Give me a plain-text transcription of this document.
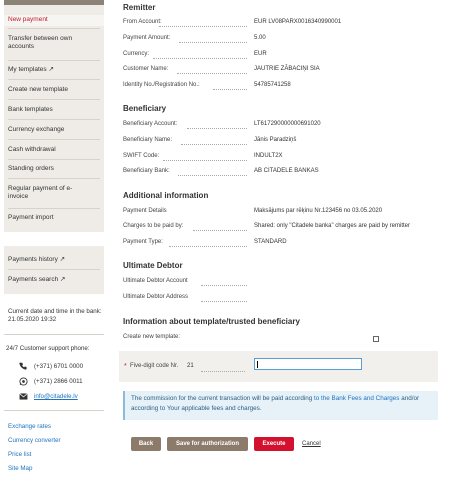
New payment
Transfer between own accounts
My templates ↗
Create new template
Bank templates
Currency exchange
Cash withdrawal
Standing orders
Regular payment of e-invoice
Payment import
Payments history ↗
Payments search ↗
Current date and time in the bank: 21.05.2020 19:32
24/7 Customer support phone:
(+371) 6701 0000
(+371) 2866 0011
info@citadele.lv
Exchange rates
Currency converter
Price list
Site Map
Remitter
From Account:	EUR LV08PARX0016340990001
Payment Amount:	5.00
Currency:	EUR
Customer Name:	JAUTRIE ZĀBACIŅI SIA
Identity No./Registration No.:	54785741258
Beneficiary
Beneficiary Account:	LT617290000000691020
Beneficiary Name:	Jānis Paradziņš
SWIFT Code:	INDULT2X
Beneficiary Bank:	AB CITADELE BANKAS
Additional information
Payment Details	Maksājums par rēķinu Nr.123456 no 03.05.2020
Charges to be paid by:	Shared: only "Citadele banka" charges are paid by remitter
Payment Type:	STANDARD
Ultimate Debtor
Ultimate Debtor Account
Ultimate Debtor Address
Information about template/trusted beneficiary
Create new template:
* Five-digit code Nr. 21
The commission for the current transaction will be paid according to the Bank Fees and Charges and/or according to Your applicable fees and charges.
Back	Save for authorization	Execute	Cancel
